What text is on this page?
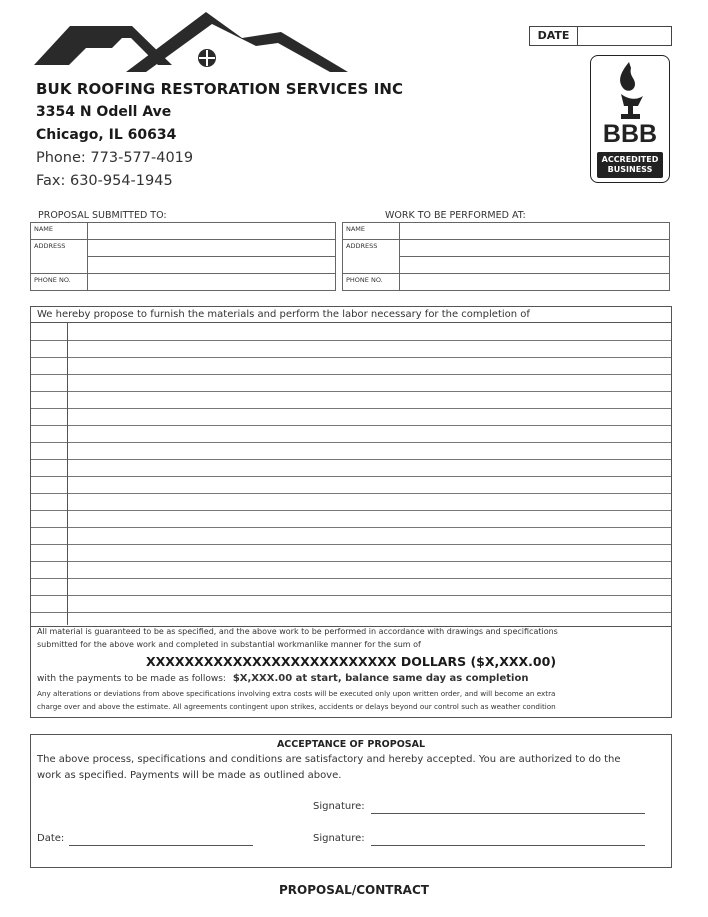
BUK ROOFING RESTORATION SERVICES INC
3354 N Odell Ave
Chicago, IL 60634
Phone: 773-577-4019
Fax: 630-954-1945
DATE
BBB
ACCREDITED
BUSINESS
PROPOSAL SUBMITTED TO:	WORK TO BE PERFORMED AT:
NAME	
ADDRESS	

PHONE NO.	
NAME	
ADDRESS	

PHONE NO.	
We hereby propose to furnish the materials and perform the labor necessary for the completion of
All material is guaranteed to be as specified, and the above work to be performed in accordance with drawings and specifications
submitted for the above work and completed in substantial workmanlike manner for the sum of
XXXXXXXXXXXXXXXXXXXXXXXXXX DOLLARS ($X,XXX.00)
with the payments to be made as follows: $X,XXX.00 at start, balance same day as completion
Any alterations or deviations from above specifications involving extra costs will be executed only upon written order, and will become an extra
charge over and above the estimate. All agreements contingent upon strikes, accidents or delays beyond our control such as weather condition
ACCEPTANCE OF PROPOSAL
The above process, specifications and conditions are satisfactory and hereby accepted. You are authorized to do the
work as specified. Payments will be made as outlined above.
Signature:
Date:	Signature:
PROPOSAL/CONTRACT
